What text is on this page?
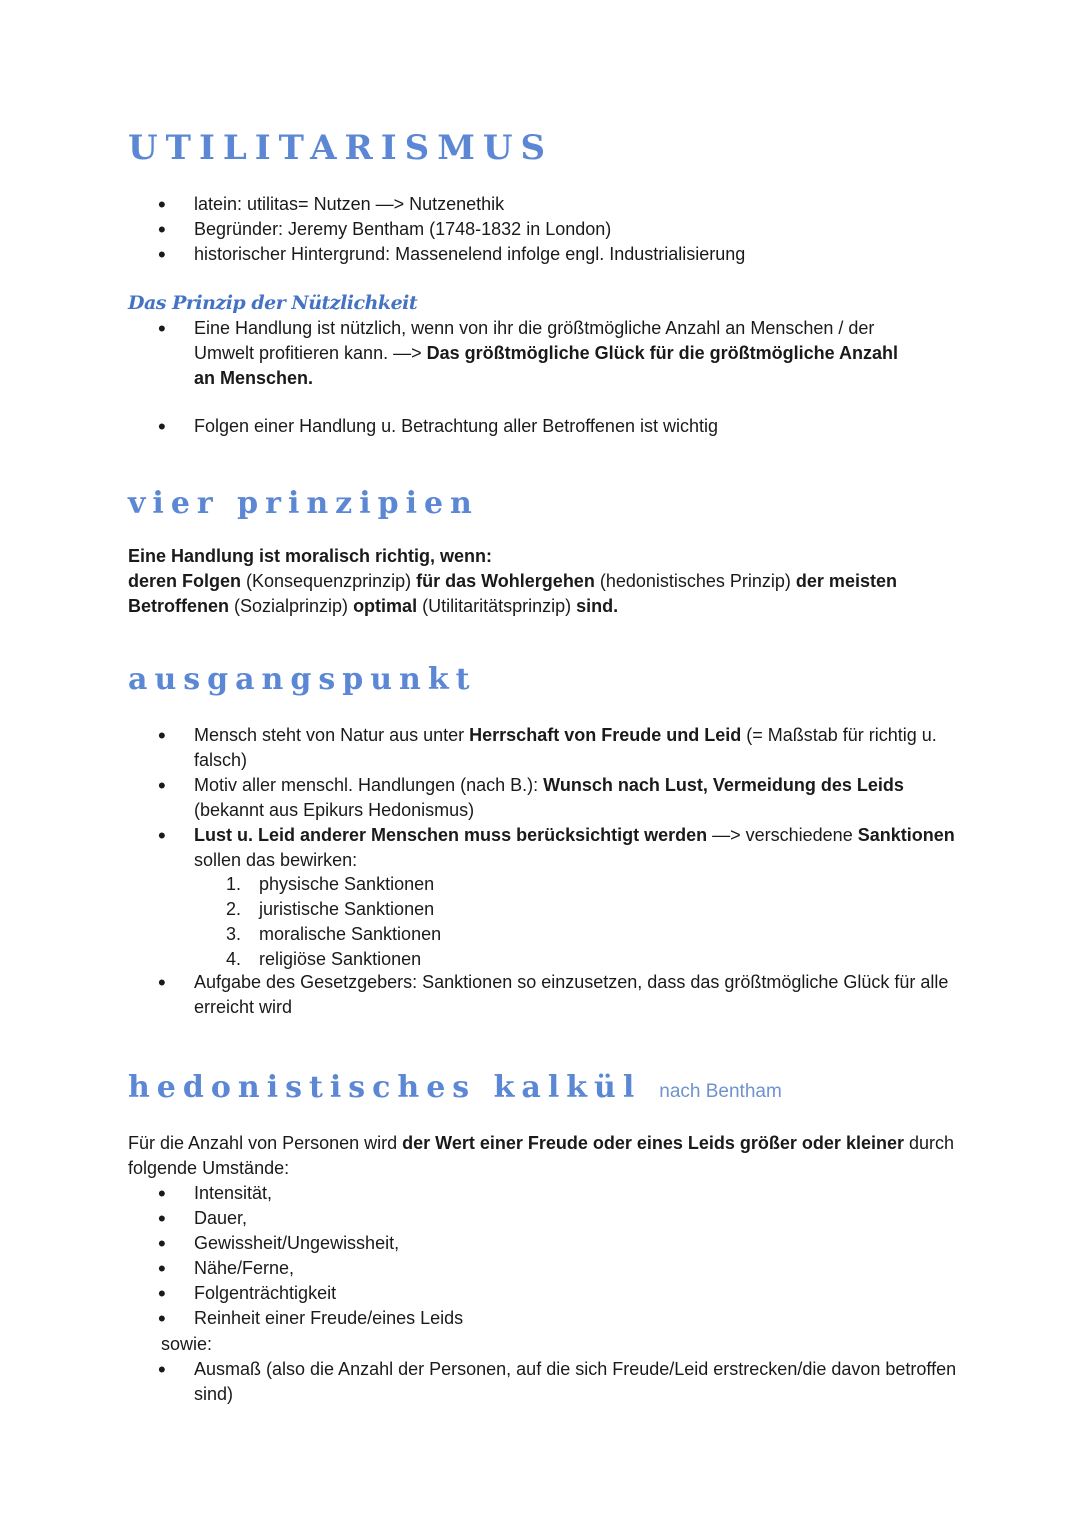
UTILITARISMUS
• latein: utilitas= Nutzen —> Nutzenethik
• Begründer: Jeremy Bentham (1748-1832 in London)
• historischer Hintergrund: Massenelend infolge engl. Industrialisierung
Das Prinzip der Nützlichkeit
• Eine Handlung ist nützlich, wenn von ihr die größtmögliche Anzahl an Menschen / der Umwelt profitieren kann. —> Das größtmögliche Glück für die größtmögliche Anzahl an Menschen.
• Folgen einer Handlung u. Betrachtung aller Betroffenen ist wichtig
vier prinzipien

Eine Handlung ist moralisch richtig, wenn:

deren Folgen (Konsequenzprinzip) für das Wohlergehen (hedonistisches Prinzip) der meisten Betroffenen (Sozialprinzip) optimal (Utilitaritätsprinzip) sind.

ausgangspunkt
• Mensch steht von Natur aus unter Herrschaft von Freude und Leid (= Maßstab für richtig u. falsch)
• Motiv aller menschl. Handlungen (nach B.): Wunsch nach Lust, Vermeidung des Leids (bekannt aus Epikurs Hedonismus)
• Lust u. Leid anderer Menschen muss berücksichtigt werden —> verschiedene Sanktionen sollen das bewirken:
1. physische Sanktionen
2. juristische Sanktionen
3. moralische Sanktionen
4. religiöse Sanktionen
• Aufgabe des Gesetzgebers: Sanktionen so einzusetzen, dass das größtmögliche Glück für alle erreicht wird
hedonistisches kalkül nach Bentham

Für die Anzahl von Personen wird der Wert einer Freude oder eines Leids größer oder kleiner durch folgende Umstände:

• Intensität,
• Dauer,
• Gewissheit/Ungewissheit,
• Nähe/Ferne,
• Folgenträchtigkeit
• Reinheit einer Freude/eines Leids

sowie:

• Ausmaß (also die Anzahl der Personen, auf die sich Freude/Leid erstrecken/die davon betroffen sind)
